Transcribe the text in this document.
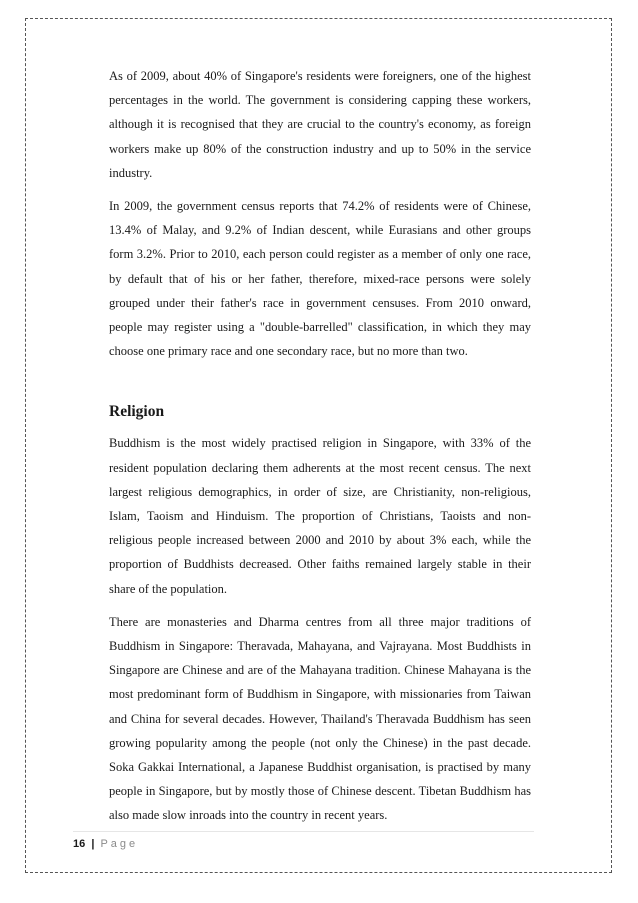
As of 2009, about 40% of Singapore's residents were foreigners, one of the highest percentages in the world. The government is considering capping these workers, although it is recognised that they are crucial to the country's economy, as foreign workers make up 80% of the construction industry and up to 50% in the service industry.

In 2009, the government census reports that 74.2% of residents were of Chinese, 13.4% of Malay, and 9.2% of Indian descent, while Eurasians and other groups form 3.2%. Prior to 2010, each person could register as a member of only one race, by default that of his or her father, therefore, mixed-race persons were solely grouped under their father's race in government censuses. From 2010 onward, people may register using a "double-barrelled" classification, in which they may choose one primary race and one secondary race, but no more than two.

Religion

Buddhism is the most widely practised religion in Singapore, with 33% of the resident population declaring them adherents at the most recent census. The next largest religious demographics, in order of size, are Christianity, non-religious, Islam, Taoism and Hinduism. The proportion of Christians, Taoists and non-religious people increased between 2000 and 2010 by about 3% each, while the proportion of Buddhists decreased. Other faiths remained largely stable in their share of the population.

There are monasteries and Dharma centres from all three major traditions of Buddhism in Singapore: Theravada, Mahayana, and Vajrayana. Most Buddhists in Singapore are Chinese and are of the Mahayana tradition. Chinese Mahayana is the most predominant form of Buddhism in Singapore, with missionaries from Taiwan and China for several decades. However, Thailand's Theravada Buddhism has seen growing popularity among the people (not only the Chinese) in the past decade. Soka Gakkai International, a Japanese Buddhist organisation, is practised by many people in Singapore, but by mostly those of Chinese descent. Tibetan Buddhism has also made slow inroads into the country in recent years.

16 | Page
